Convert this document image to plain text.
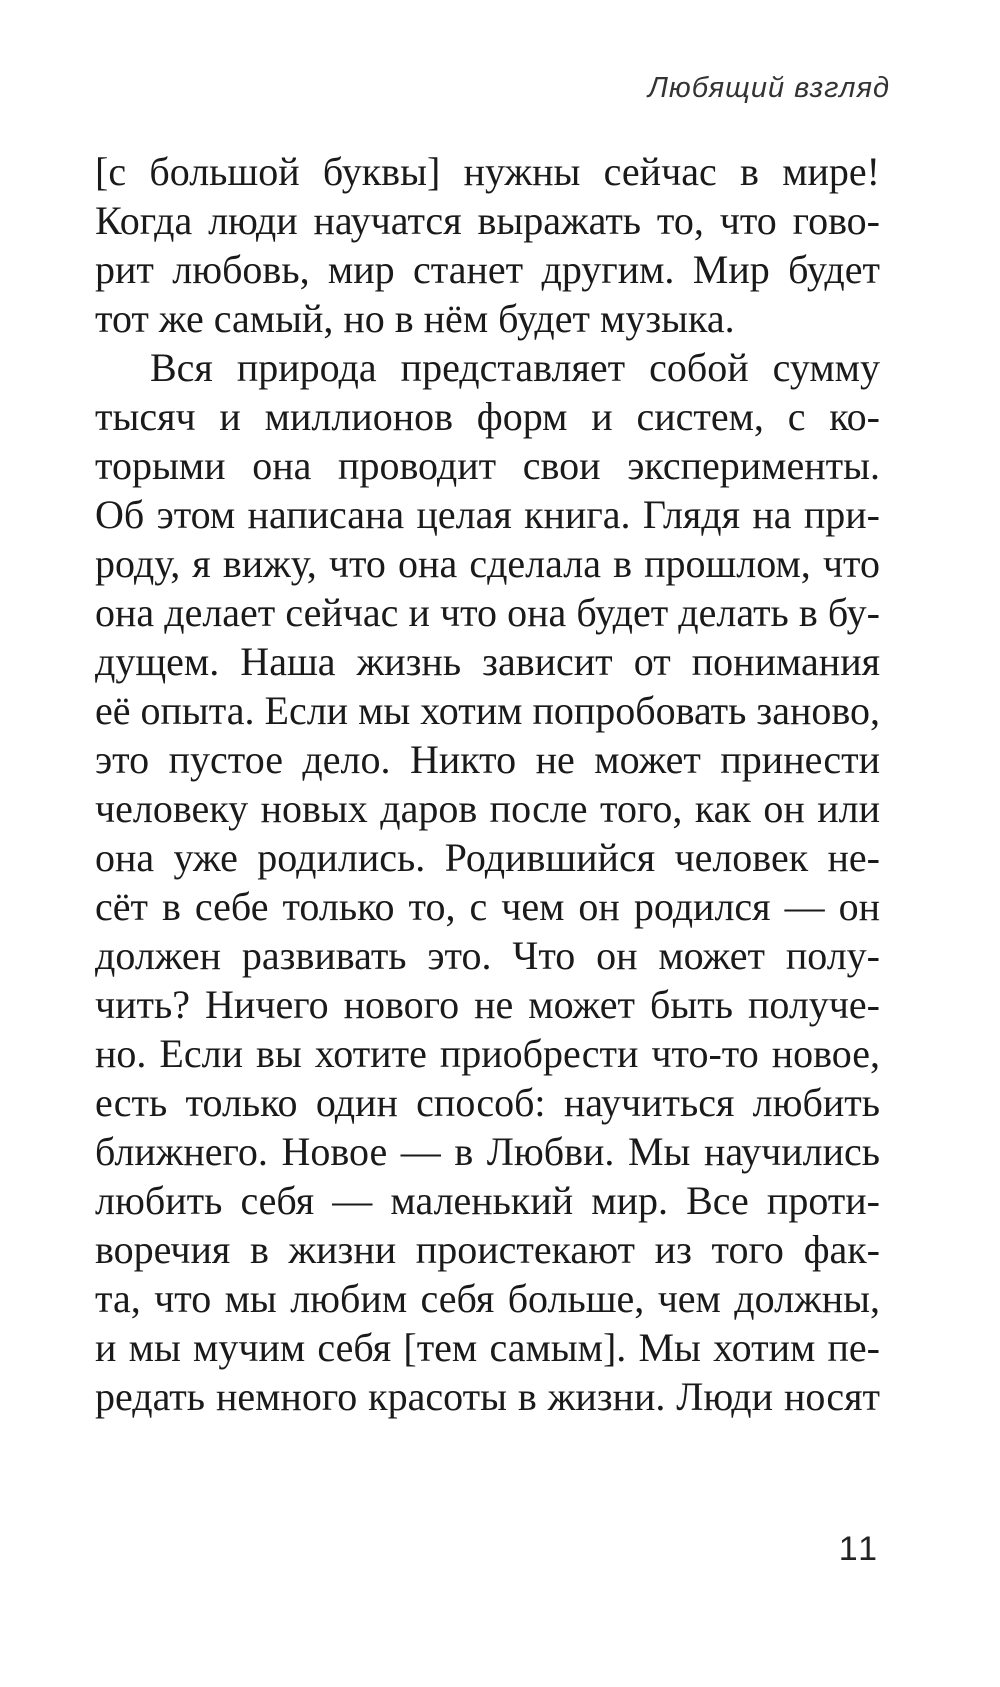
Любящий взгляд
[с большой буквы] нужны сейчас в мире!
Когда люди научатся выражать то, что гово-
рит любовь, мир станет другим. Мир будет
тот же самый, но в нём будет музыка.
Вся природа представляет собой сумму
тысяч и миллионов форм и систем, с ко-
торыми она проводит свои эксперименты.
Об этом написана целая книга. Глядя на при-
роду, я вижу, что она сделала в прошлом, что
она делает сейчас и что она будет делать в бу-
дущем. Наша жизнь зависит от понимания
её опыта. Если мы хотим попробовать заново,
это пустое дело. Никто не может принести
человеку новых даров после того, как он или
она уже родились. Родившийся человек не-
сёт в себе только то, с чем он родился — он
должен развивать это. Что он может полу-
чить? Ничего нового не может быть получе-
но. Если вы хотите приобрести что-то новое,
есть только один способ: научиться любить
ближнего. Новое — в Любви. Мы научились
любить себя — маленький мир. Все проти-
воречия в жизни проистекают из того фак-
та, что мы любим себя больше, чем должны,
и мы мучим себя [тем самым]. Мы хотим пе-
редать немного красоты в жизни. Люди носят
11
